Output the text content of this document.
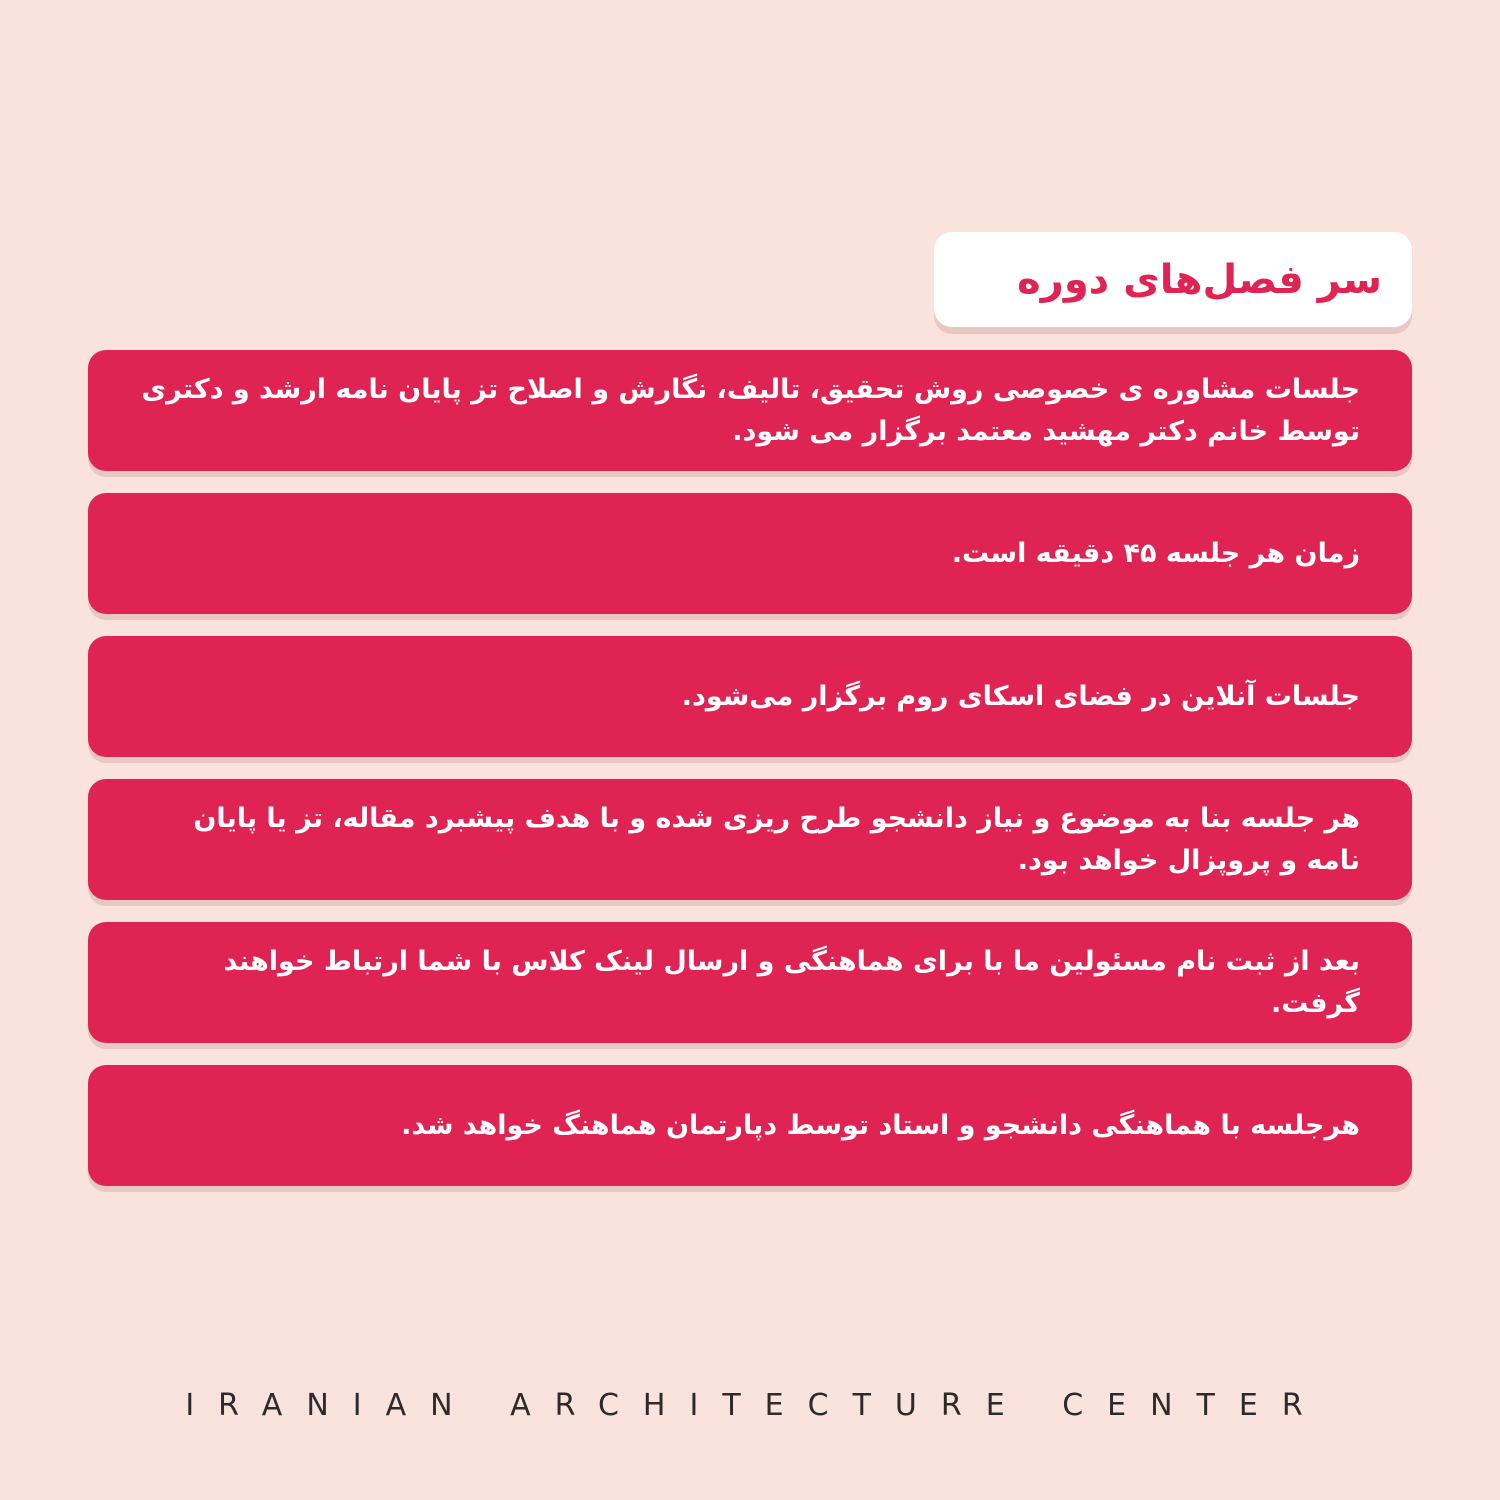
سر فصل‌های دوره
جلسات مشاوره ی خصوصی روش تحقیق، تالیف، نگارش و اصلاح تز پایان نامه ارشد و دکتری توسط خانم دکتر مهشید معتمد برگزار می شود.
زمان هر جلسه ۴۵ دقیقه است.
جلسات آنلاین در فضای اسکای روم برگزار می‌شود.
هر جلسه بنا به موضوع و نیاز دانشجو طرح ریزی شده و با هدف پیشبرد مقاله، تز یا پایان نامه و پروپزال خواهد بود.
بعد از ثبت نام مسئولین ما با برای هماهنگی و ارسال لینک کلاس با شما ارتباط خواهند گرفت.
هرجلسه با هماهنگی دانشجو و استاد توسط دپارتمان هماهنگ خواهد شد.
IRANIAN ARCHITECTURE CENTER
